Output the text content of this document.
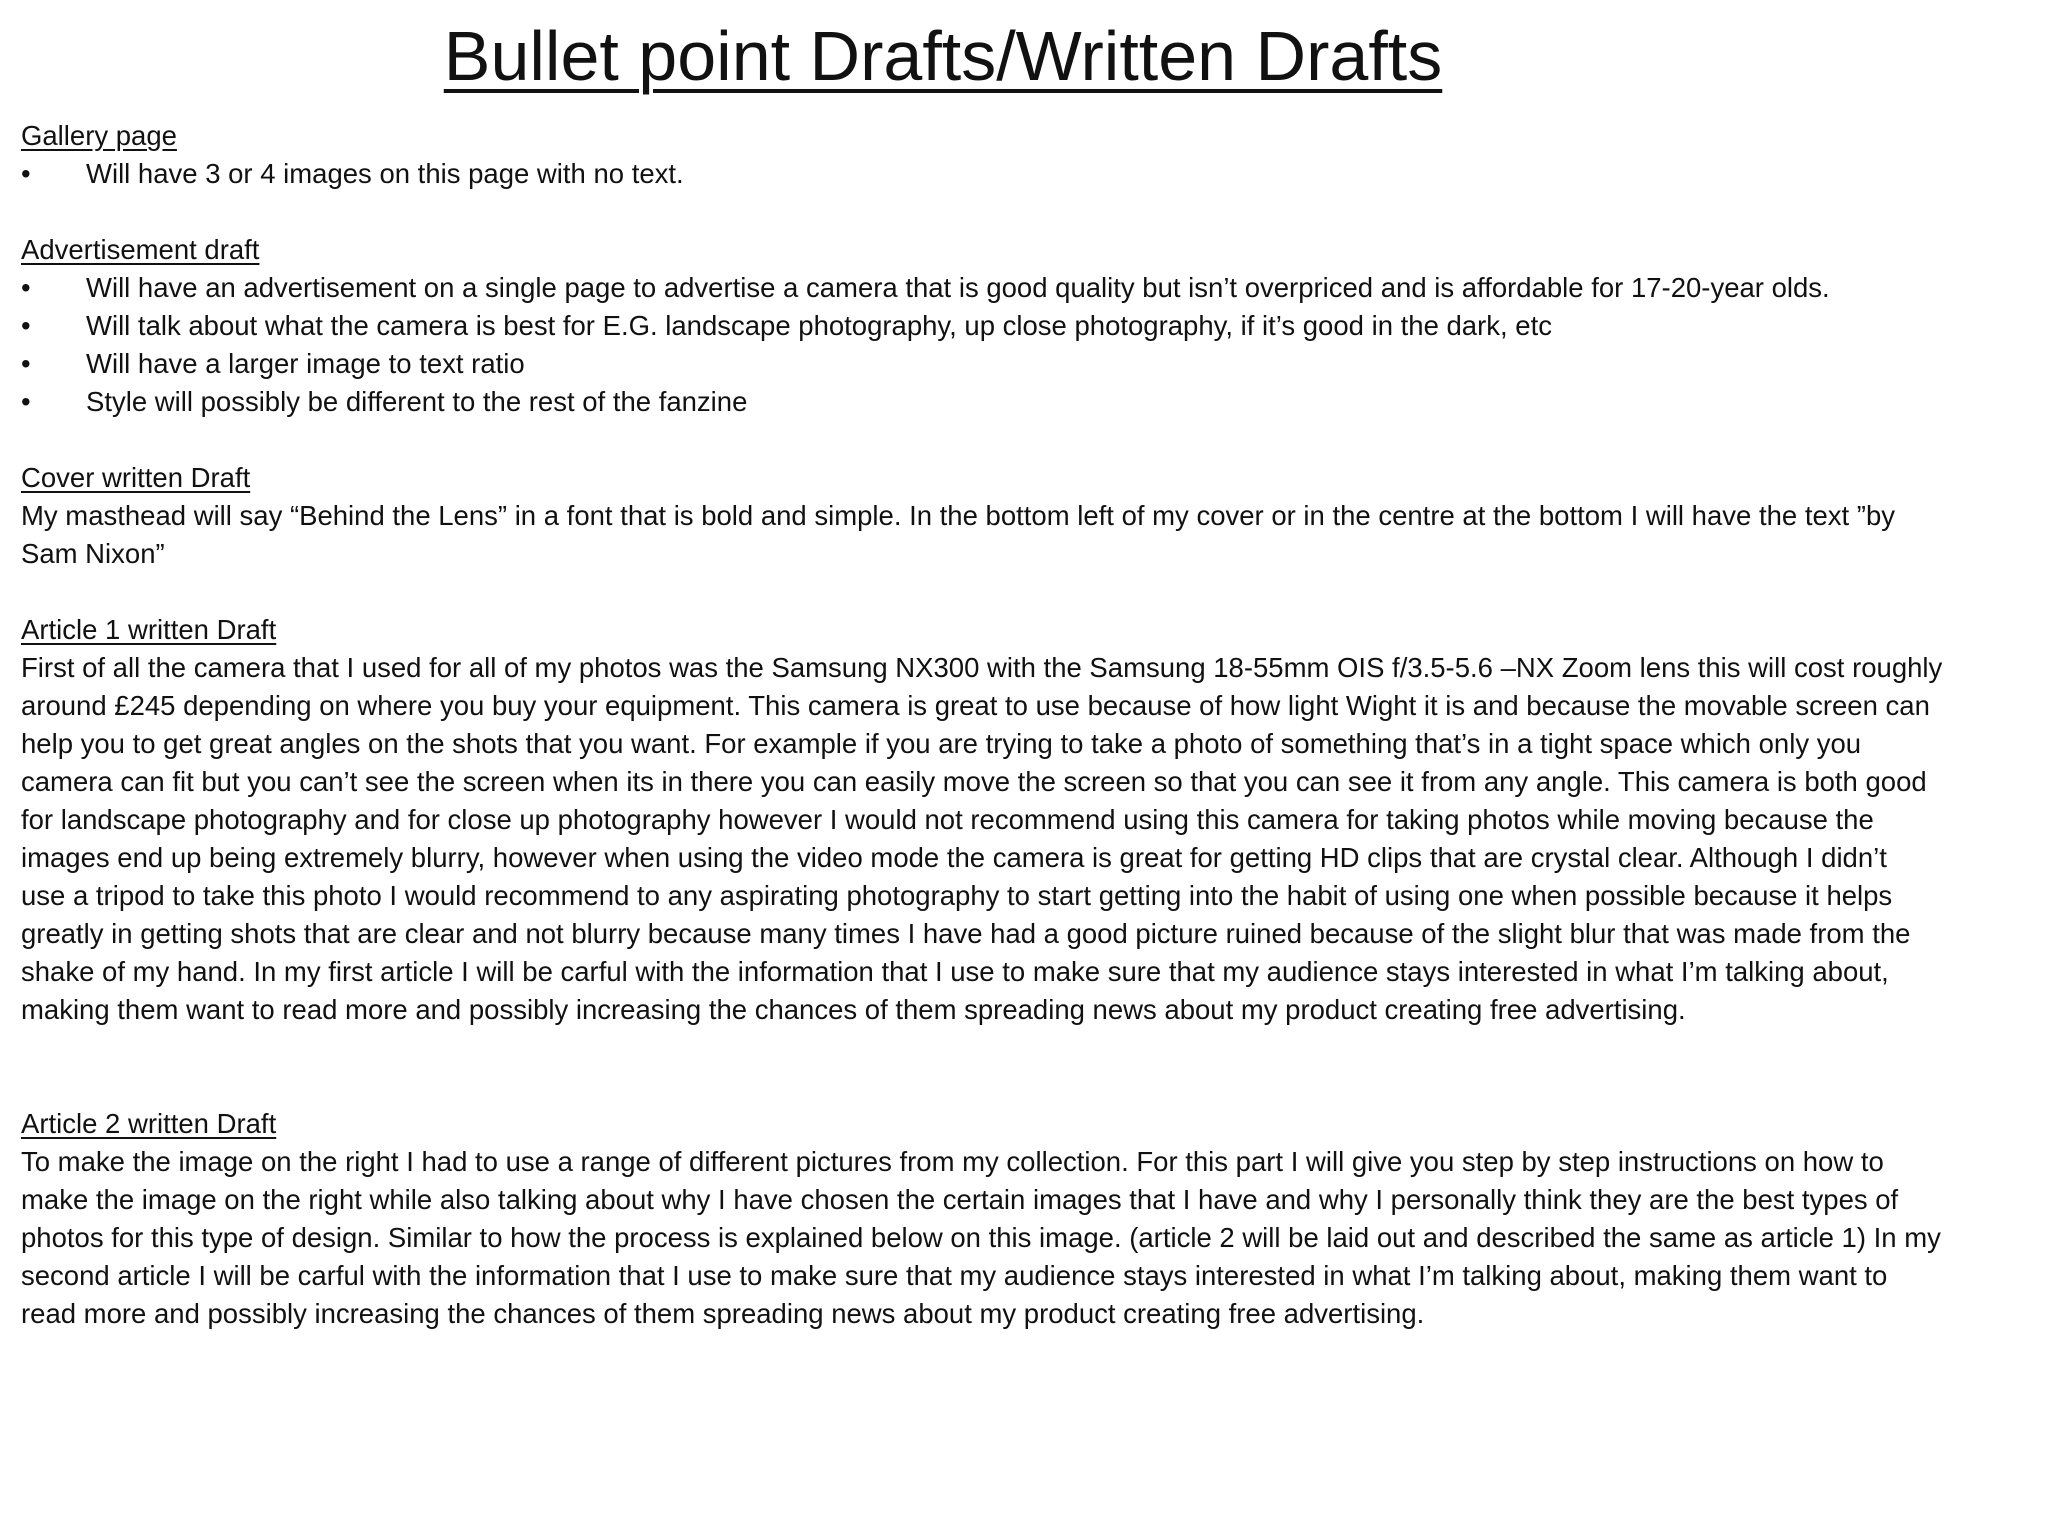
Bullet point Drafts/Written Drafts
Gallery page
• Will have 3 or 4 images on this page with no text.
Advertisement draft
• Will have an advertisement on a single page to advertise a camera that is good quality but isn’t overpriced and is affordable for 17-20-year olds.
• Will talk about what the camera is best for E.G. landscape photography, up close photography, if it’s good in the dark, etc
• Will have a larger image to text ratio
• Style will possibly be different to the rest of the fanzine
Cover written Draft

My masthead will say “Behind the Lens” in a font that is bold and simple. In the bottom left of my cover or in the centre at the bottom I will have the text ”by
Sam Nixon”

Article 1 written Draft

First of all the camera that I used for all of my photos was the Samsung NX300 with the Samsung 18-55mm OIS f/3.5-5.6 –NX Zoom lens this will cost roughly
around £245 depending on where you buy your equipment. This camera is great to use because of how light Wight it is and because the movable screen can
help you to get great angles on the shots that you want. For example if you are trying to take a photo of something that’s in a tight space which only you
camera can fit but you can’t see the screen when its in there you can easily move the screen so that you can see it from any angle. This camera is both good
for landscape photography and for close up photography however I would not recommend using this camera for taking photos while moving because the
images end up being extremely blurry, however when using the video mode the camera is great for getting HD clips that are crystal clear. Although I didn’t
use a tripod to take this photo I would recommend to any aspirating photography to start getting into the habit of using one when possible because it helps
greatly in getting shots that are clear and not blurry because many times I have had a good picture ruined because of the slight blur that was made from the
shake of my hand. In my first article I will be carful with the information that I use to make sure that my audience stays interested in what I’m talking about,
making them want to read more and possibly increasing the chances of them spreading news about my product creating free advertising.

Article 2 written Draft

To make the image on the right I had to use a range of different pictures from my collection. For this part I will give you step by step instructions on how to
make the image on the right while also talking about why I have chosen the certain images that I have and why I personally think they are the best types of
photos for this type of design. Similar to how the process is explained below on this image. (article 2 will be laid out and described the same as article 1) In my
second article I will be carful with the information that I use to make sure that my audience stays interested in what I’m talking about, making them want to
read more and possibly increasing the chances of them spreading news about my product creating free advertising.
